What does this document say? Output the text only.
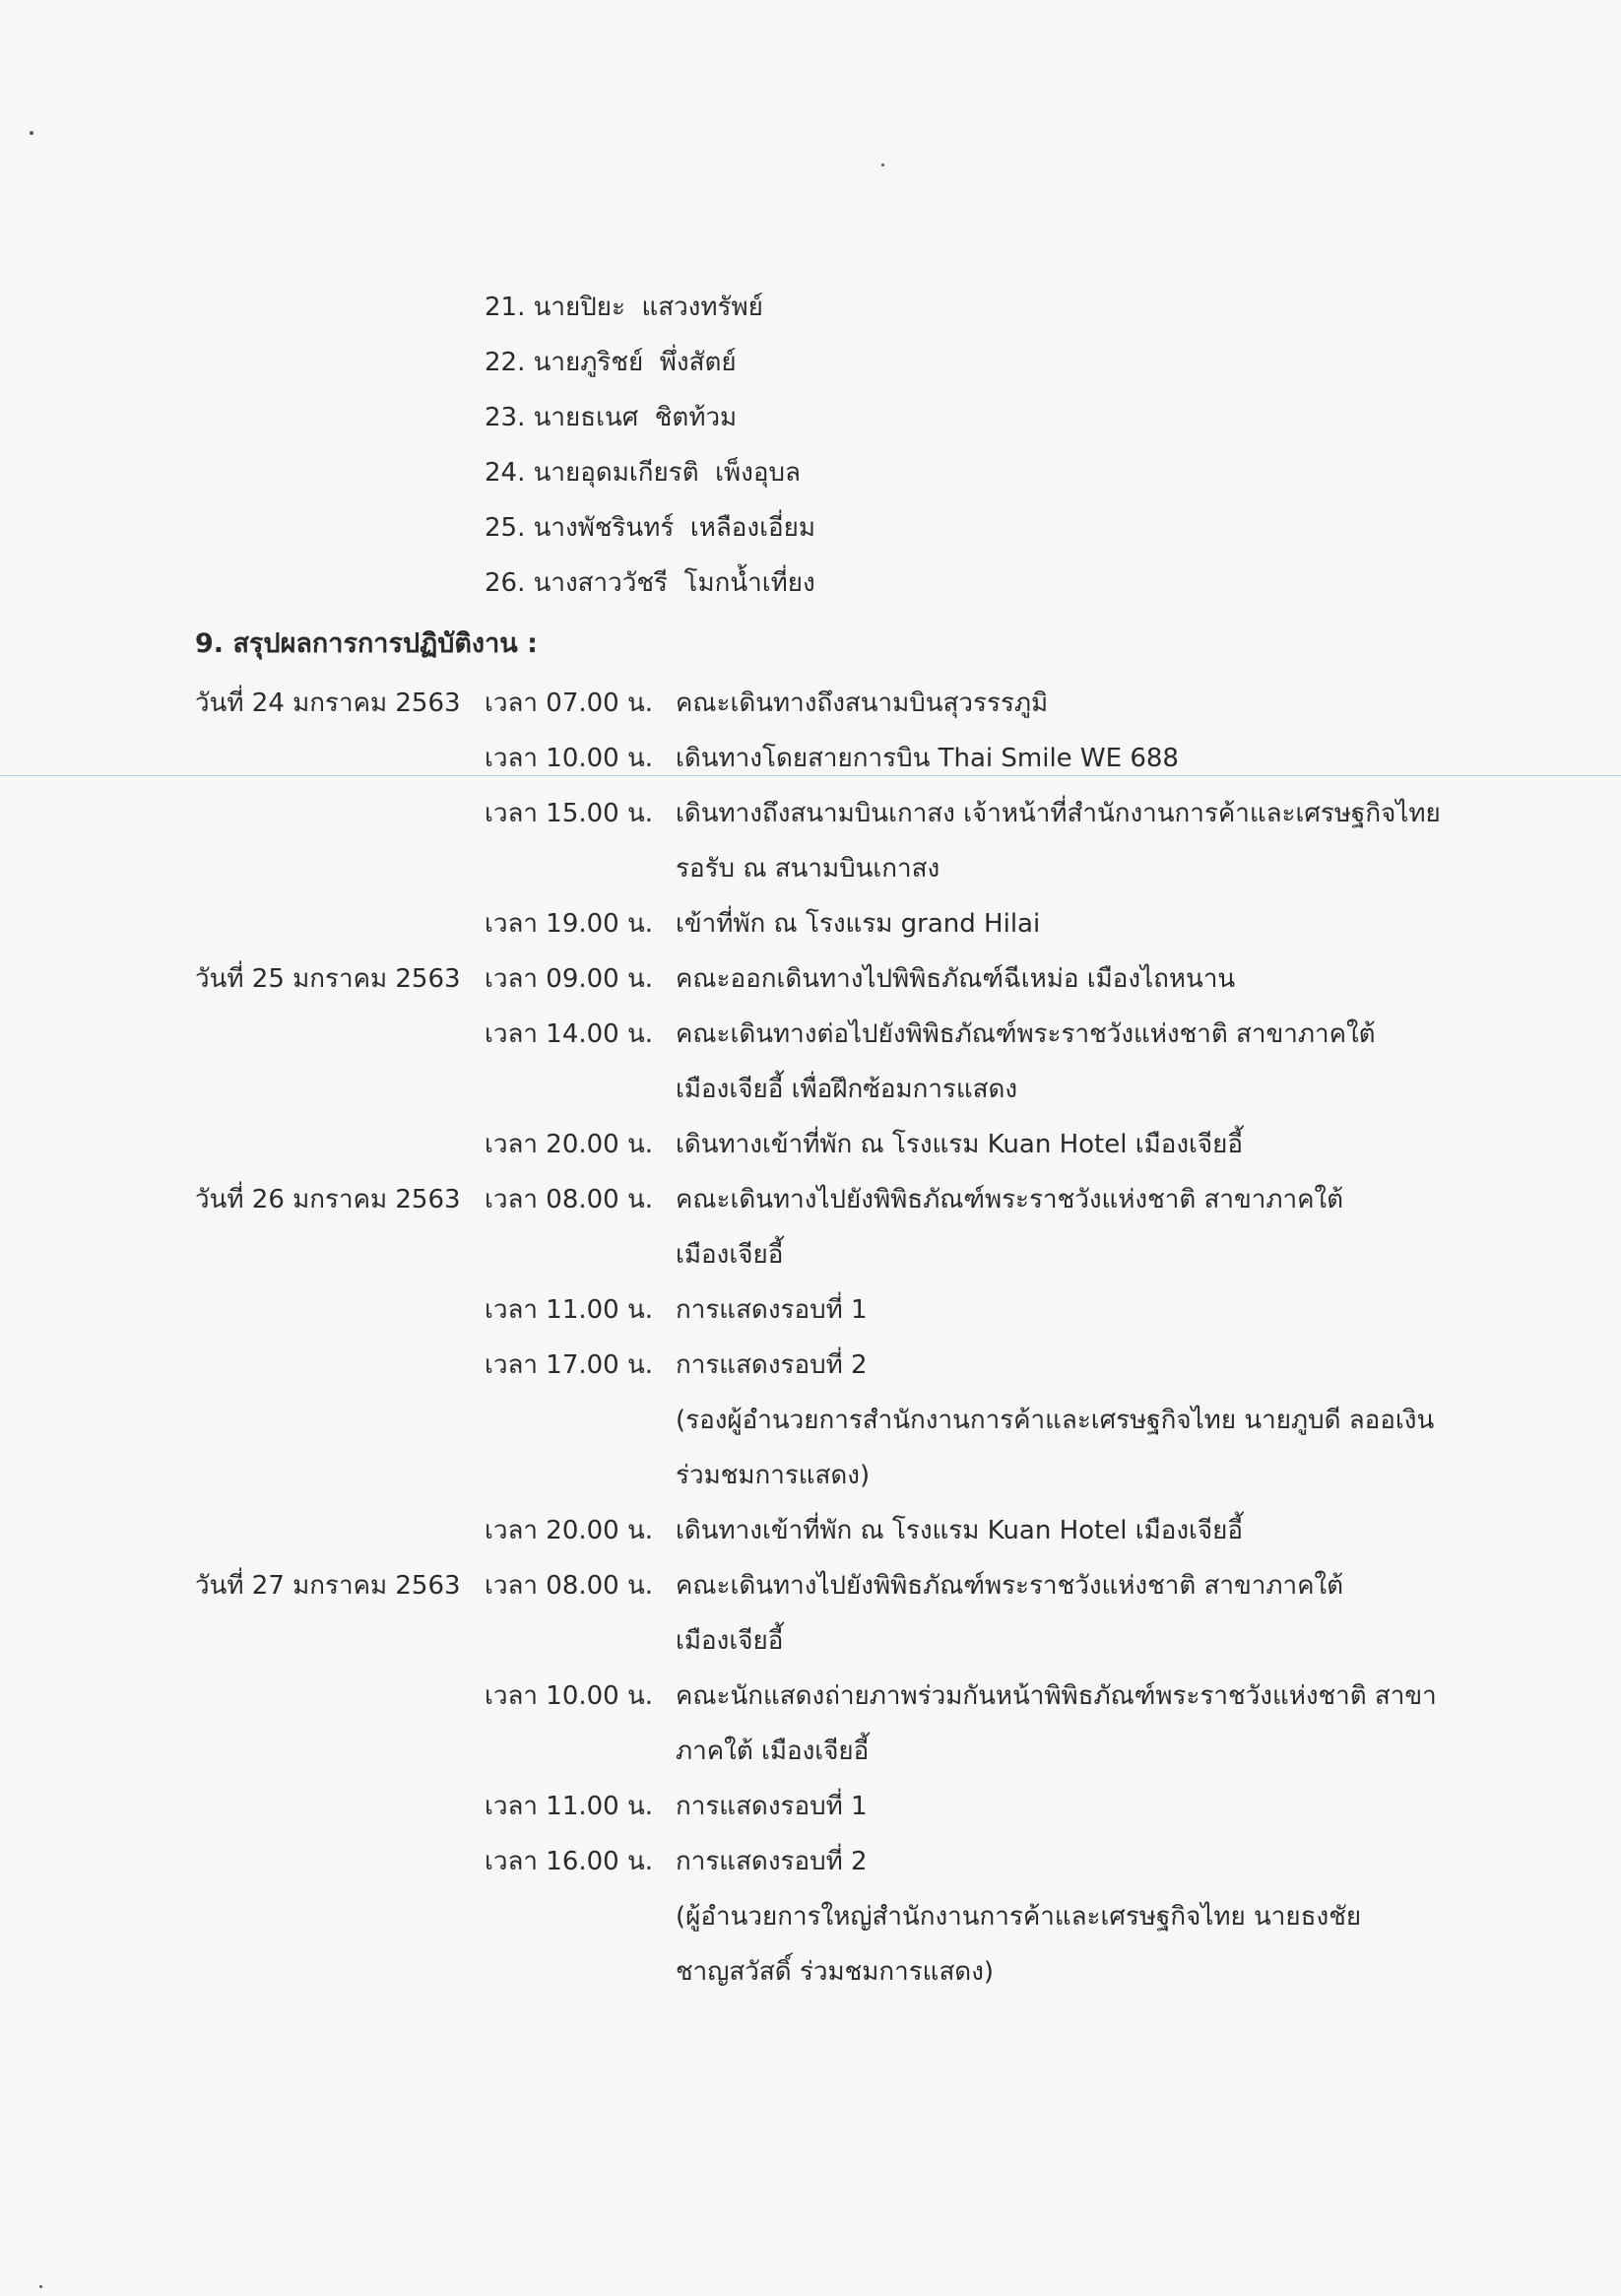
21. นายปิยะ  แสวงทรัพย์
22. นายภูริชย์  พึ่งสัตย์
23. นายธเนศ  ชิตท้วม
24. นายอุดมเกียรติ  เพ็งอุบล
25. นางพัชรินทร์  เหลืองเอี่ยม
26. นางสาววัชรี  โมกน้ำเที่ยง
9. สรุปผลการการปฏิบัติงาน :
วันที่ 24 มกราคม 2563 เวลา 07.00 น. คณะเดินทางถึงสนามบินสุวรรรภูมิ
เวลา 10.00 น. เดินทางโดยสายการบิน Thai Smile WE 688
เวลา 15.00 น. เดินทางถึงสนามบินเกาสง เจ้าหน้าที่สำนักงานการค้าและเศรษฐกิจไทย
รอรับ ณ สนามบินเกาสง
เวลา 19.00 น. เข้าที่พัก ณ โรงแรม grand Hilai
วันที่ 25 มกราคม 2563 เวลา 09.00 น. คณะออกเดินทางไปพิพิธภัณฑ์ฉีเหม่อ เมืองไถหนาน
เวลา 14.00 น. คณะเดินทางต่อไปยังพิพิธภัณฑ์พระราชวังแห่งชาติ สาขาภาคใต้
เมืองเจียอี้ เพื่อฝึกซ้อมการแสดง
เวลา 20.00 น. เดินทางเข้าที่พัก ณ โรงแรม Kuan Hotel เมืองเจียอี้
วันที่ 26 มกราคม 2563 เวลา 08.00 น. คณะเดินทางไปยังพิพิธภัณฑ์พระราชวังแห่งชาติ สาขาภาคใต้
เมืองเจียอี้
เวลา 11.00 น. การแสดงรอบที่ 1
เวลา 17.00 น. การแสดงรอบที่ 2
(รองผู้อำนวยการสำนักงานการค้าและเศรษฐกิจไทย นายภูบดี ลออเงิน
ร่วมชมการแสดง)
เวลา 20.00 น. เดินทางเข้าที่พัก ณ โรงแรม Kuan Hotel เมืองเจียอี้
วันที่ 27 มกราคม 2563 เวลา 08.00 น. คณะเดินทางไปยังพิพิธภัณฑ์พระราชวังแห่งชาติ สาขาภาคใต้
เมืองเจียอี้
เวลา 10.00 น. คณะนักแสดงถ่ายภาพร่วมกันหน้าพิพิธภัณฑ์พระราชวังแห่งชาติ สาขา
ภาคใต้ เมืองเจียอี้
เวลา 11.00 น. การแสดงรอบที่ 1
เวลา 16.00 น. การแสดงรอบที่ 2
(ผู้อำนวยการใหญ่สำนักงานการค้าและเศรษฐกิจไทย นายธงชัย
ชาญสวัสดิ์ ร่วมชมการแสดง)
